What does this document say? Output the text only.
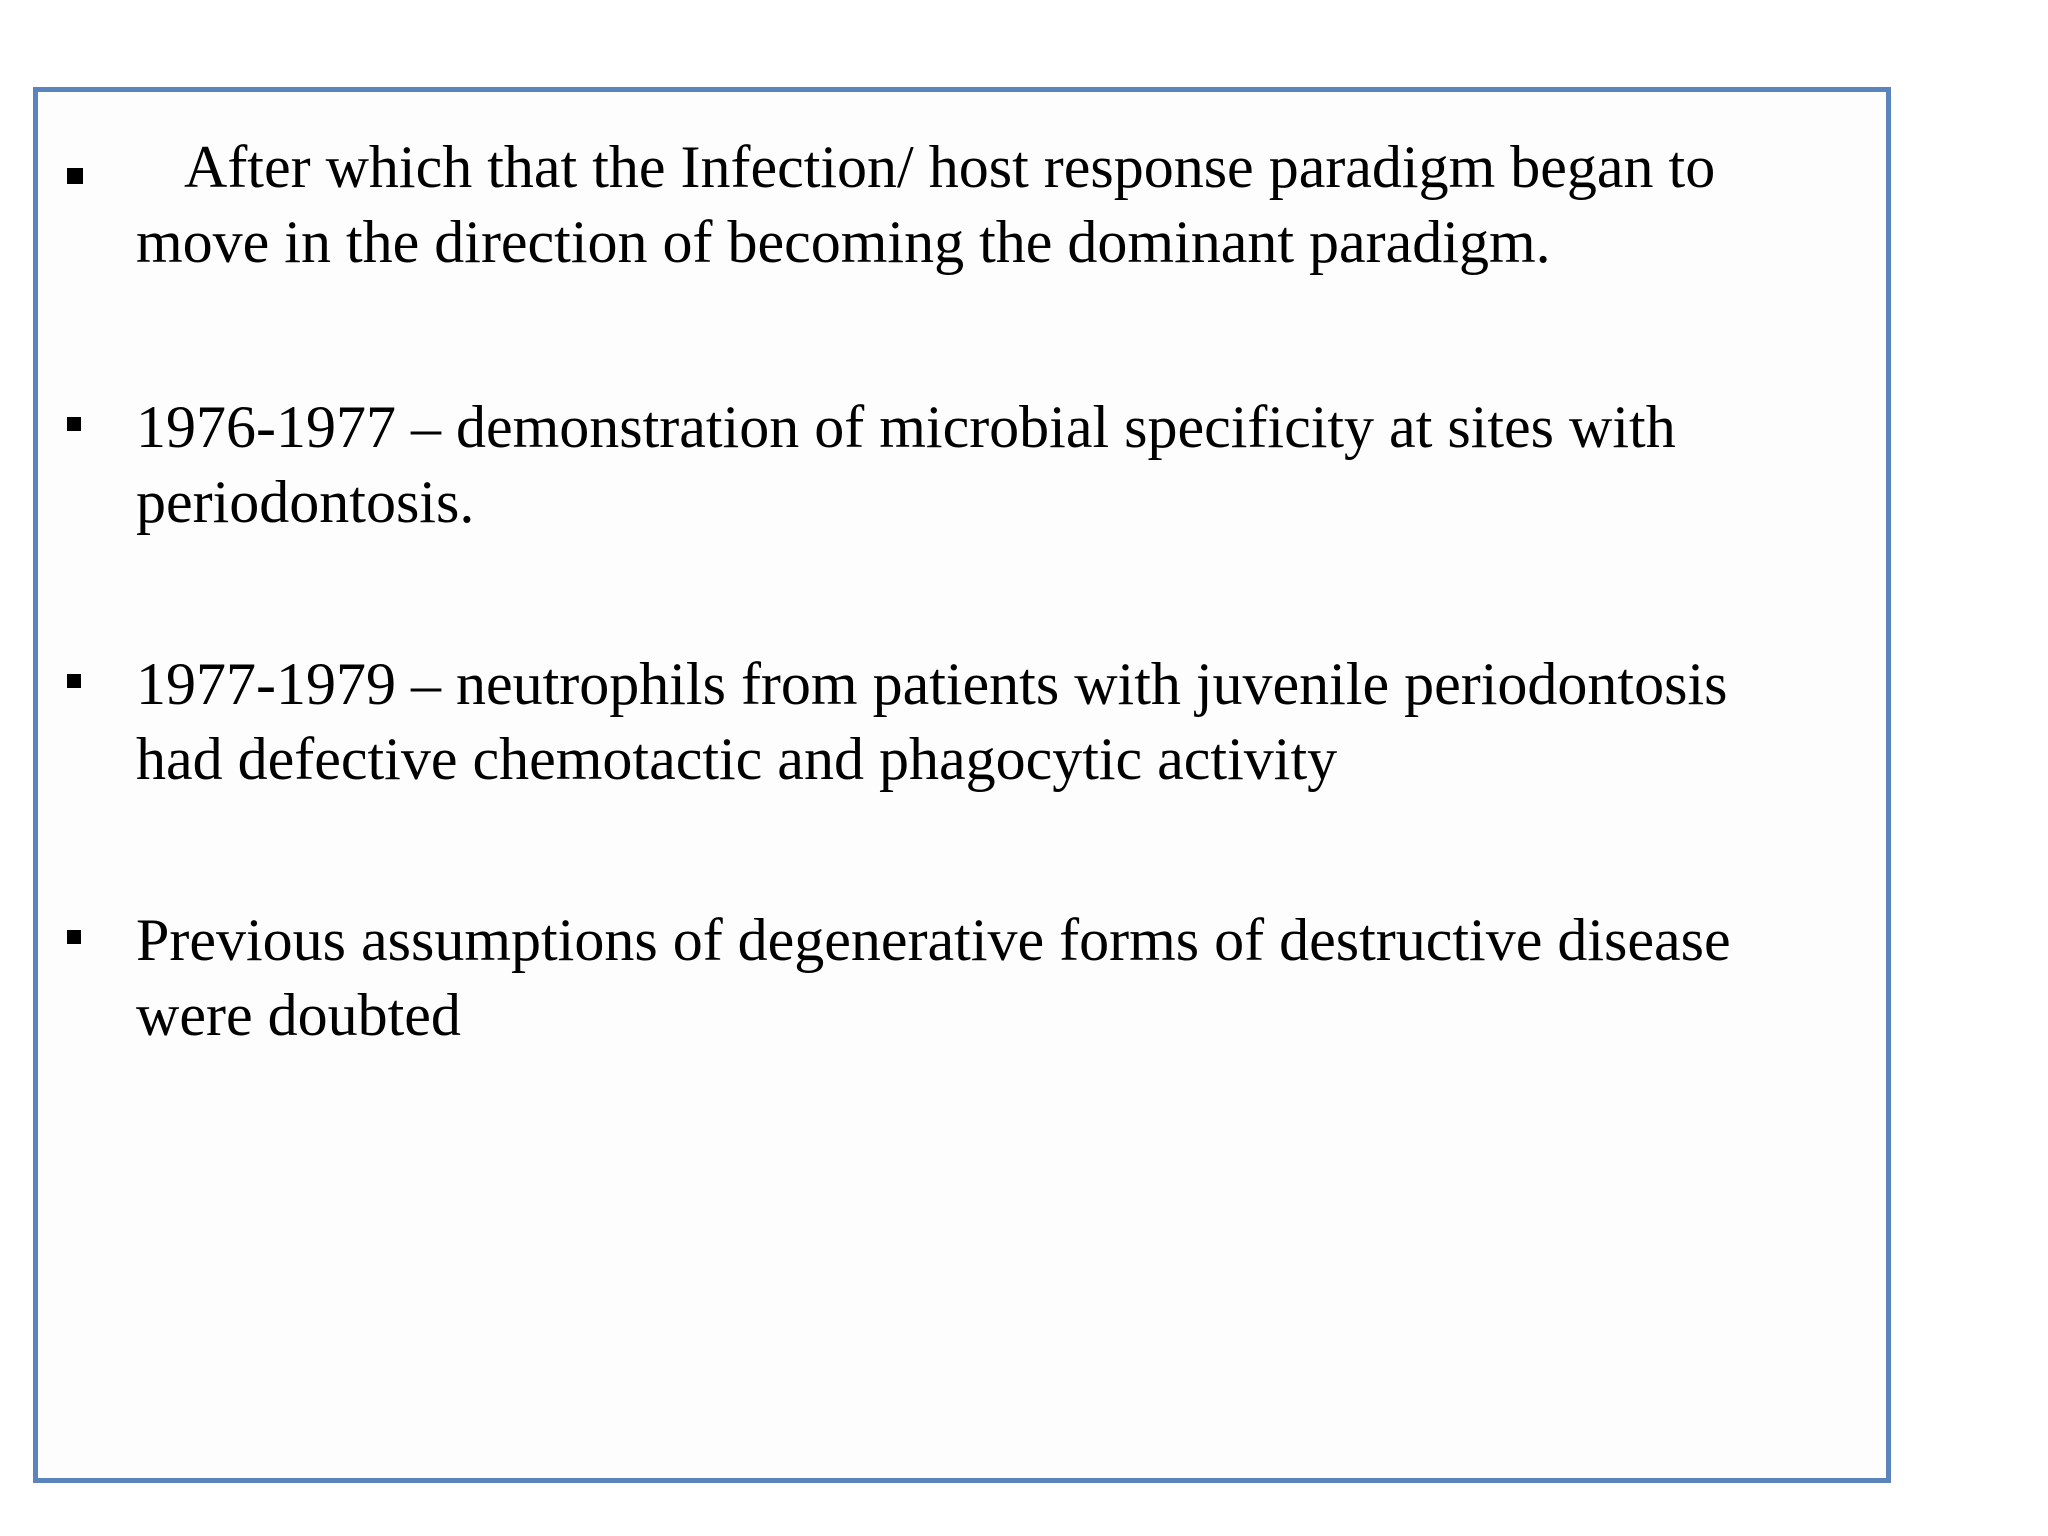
After which that the Infection/ host response paradigm began to
move in the direction of becoming the dominant paradigm.
1976-1977 – demonstration of microbial specificity at sites with
periodontosis.
1977-1979 – neutrophils from patients with juvenile periodontosis
had defective chemotactic and phagocytic activity
Previous assumptions of degenerative forms of destructive disease
were doubted
